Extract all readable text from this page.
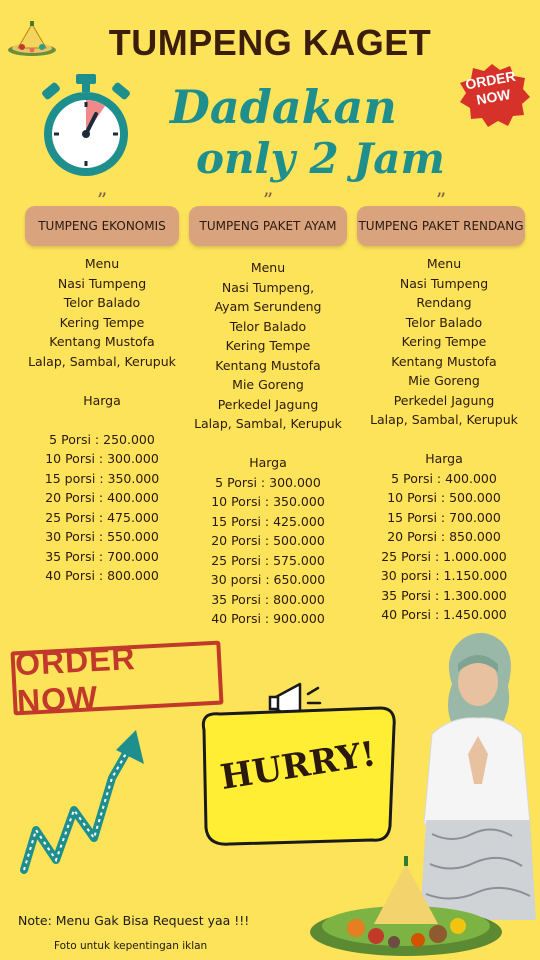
TUMPENG KAGET
Dadakan
only 2 Jam
ORDER
NOW
”
TUMPENG EKONOMIS
”
TUMPENG PAKET AYAM
”
TUMPENG PAKET RENDANG
Menu
Nasi Tumpeng
Telor Balado
Kering Tempe
Kentang Mustofa
Lalap, Sambal, Kerupuk
Harga
5 Porsi : 250.000
10 Porsi : 300.000
15 porsi : 350.000
20 Porsi : 400.000
25 Porsi : 475.000
30 Porsi : 550.000
35 Porsi : 700.000
40 Porsi : 800.000
Menu
Nasi Tumpeng,
Ayam Serundeng
Telor Balado
Kering Tempe
Kentang Mustofa
Mie Goreng
Perkedel Jagung
Lalap, Sambal, Kerupuk
Harga
5 Porsi : 300.000
10 Porsi : 350.000
15 Porsi : 425.000
20 Porsi : 500.000
25 Porsi : 575.000
30 porsi : 650.000
35 Porsi : 800.000
40 Porsi : 900.000
Menu
Nasi Tumpeng
Rendang
Telor Balado
Kering Tempe
Kentang Mustofa
Mie Goreng
Perkedel Jagung
Lalap, Sambal, Kerupuk
Harga
5 Porsi : 400.000
10 Porsi : 500.000
15 Porsi : 700.000
20 Porsi : 850.000
25 Porsi : 1.000.000
30 porsi : 1.150.000
35 Porsi : 1.300.000
40 Porsi : 1.450.000
ORDER NOW
HURRY!
Note: Menu Gak Bisa Request yaa !!!
Foto untuk kepentingan iklan
